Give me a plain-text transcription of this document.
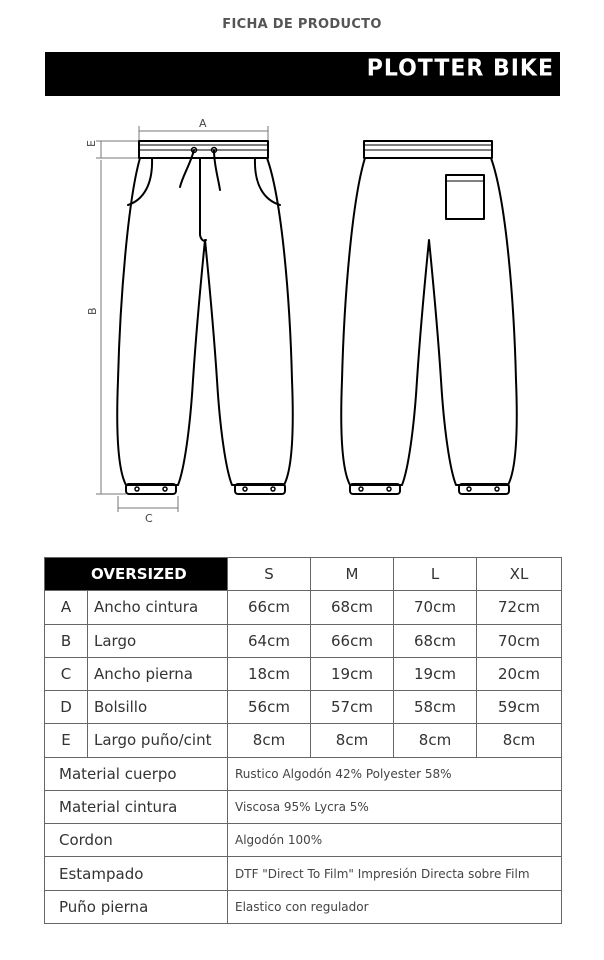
FICHA DE PRODUCTO
PLOTTER BIKE
A
E
B
C
OVERSIZED		S	M	L	XL
A	Ancho cintura	66cm	68cm	70cm	72cm
B	Largo	64cm	66cm	68cm	70cm
C	Ancho pierna	18cm	19cm	19cm	20cm
D	Bolsillo	56cm	57cm	58cm	59cm
E	Largo puño/cint	8cm	8cm	8cm	8cm
Material cuerpo		Rustico Algodón 42% Polyester 58%			
Material cintura		Viscosa 95% Lycra 5%			
Cordon		Algodón 100%			
Estampado		DTF "Direct To Film" Impresión Directa sobre Film			
Puño pierna		Elastico con regulador			
